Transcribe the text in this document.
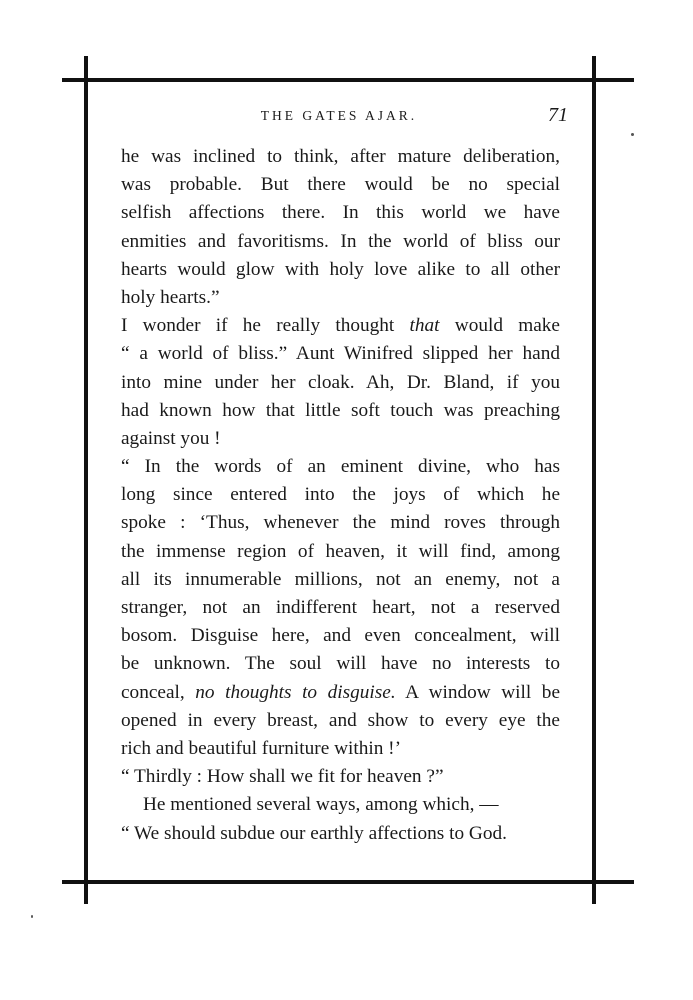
THE GATES AJAR.	71
he was inclined to think, after mature deliberation,
was probable. But there would be no special
selfish affections there. In this world we have
enmities and favoritisms. In the world of bliss our
hearts would glow with holy love alike to all other
holy hearts.”
I wonder if he really thought that would make
“ a world of bliss.” Aunt Winifred slipped her hand
into mine under her cloak. Ah, Dr. Bland, if you
had known how that little soft touch was preaching
against you !
“ In the words of an eminent divine, who has
long since entered into the joys of which he
spoke : ‘Thus, whenever the mind roves through
the immense region of heaven, it will find, among
all its innumerable millions, not an enemy, not a
stranger, not an indifferent heart, not a reserved
bosom. Disguise here, and even concealment, will
be unknown. The soul will have no interests to
conceal, no thoughts to disguise. A window will be
opened in every breast, and show to every eye the
rich and beautiful furniture within !’
“ Thirdly : How shall we fit for heaven ?”
He mentioned several ways, among which, —
“ We should subdue our earthly affections to God.
